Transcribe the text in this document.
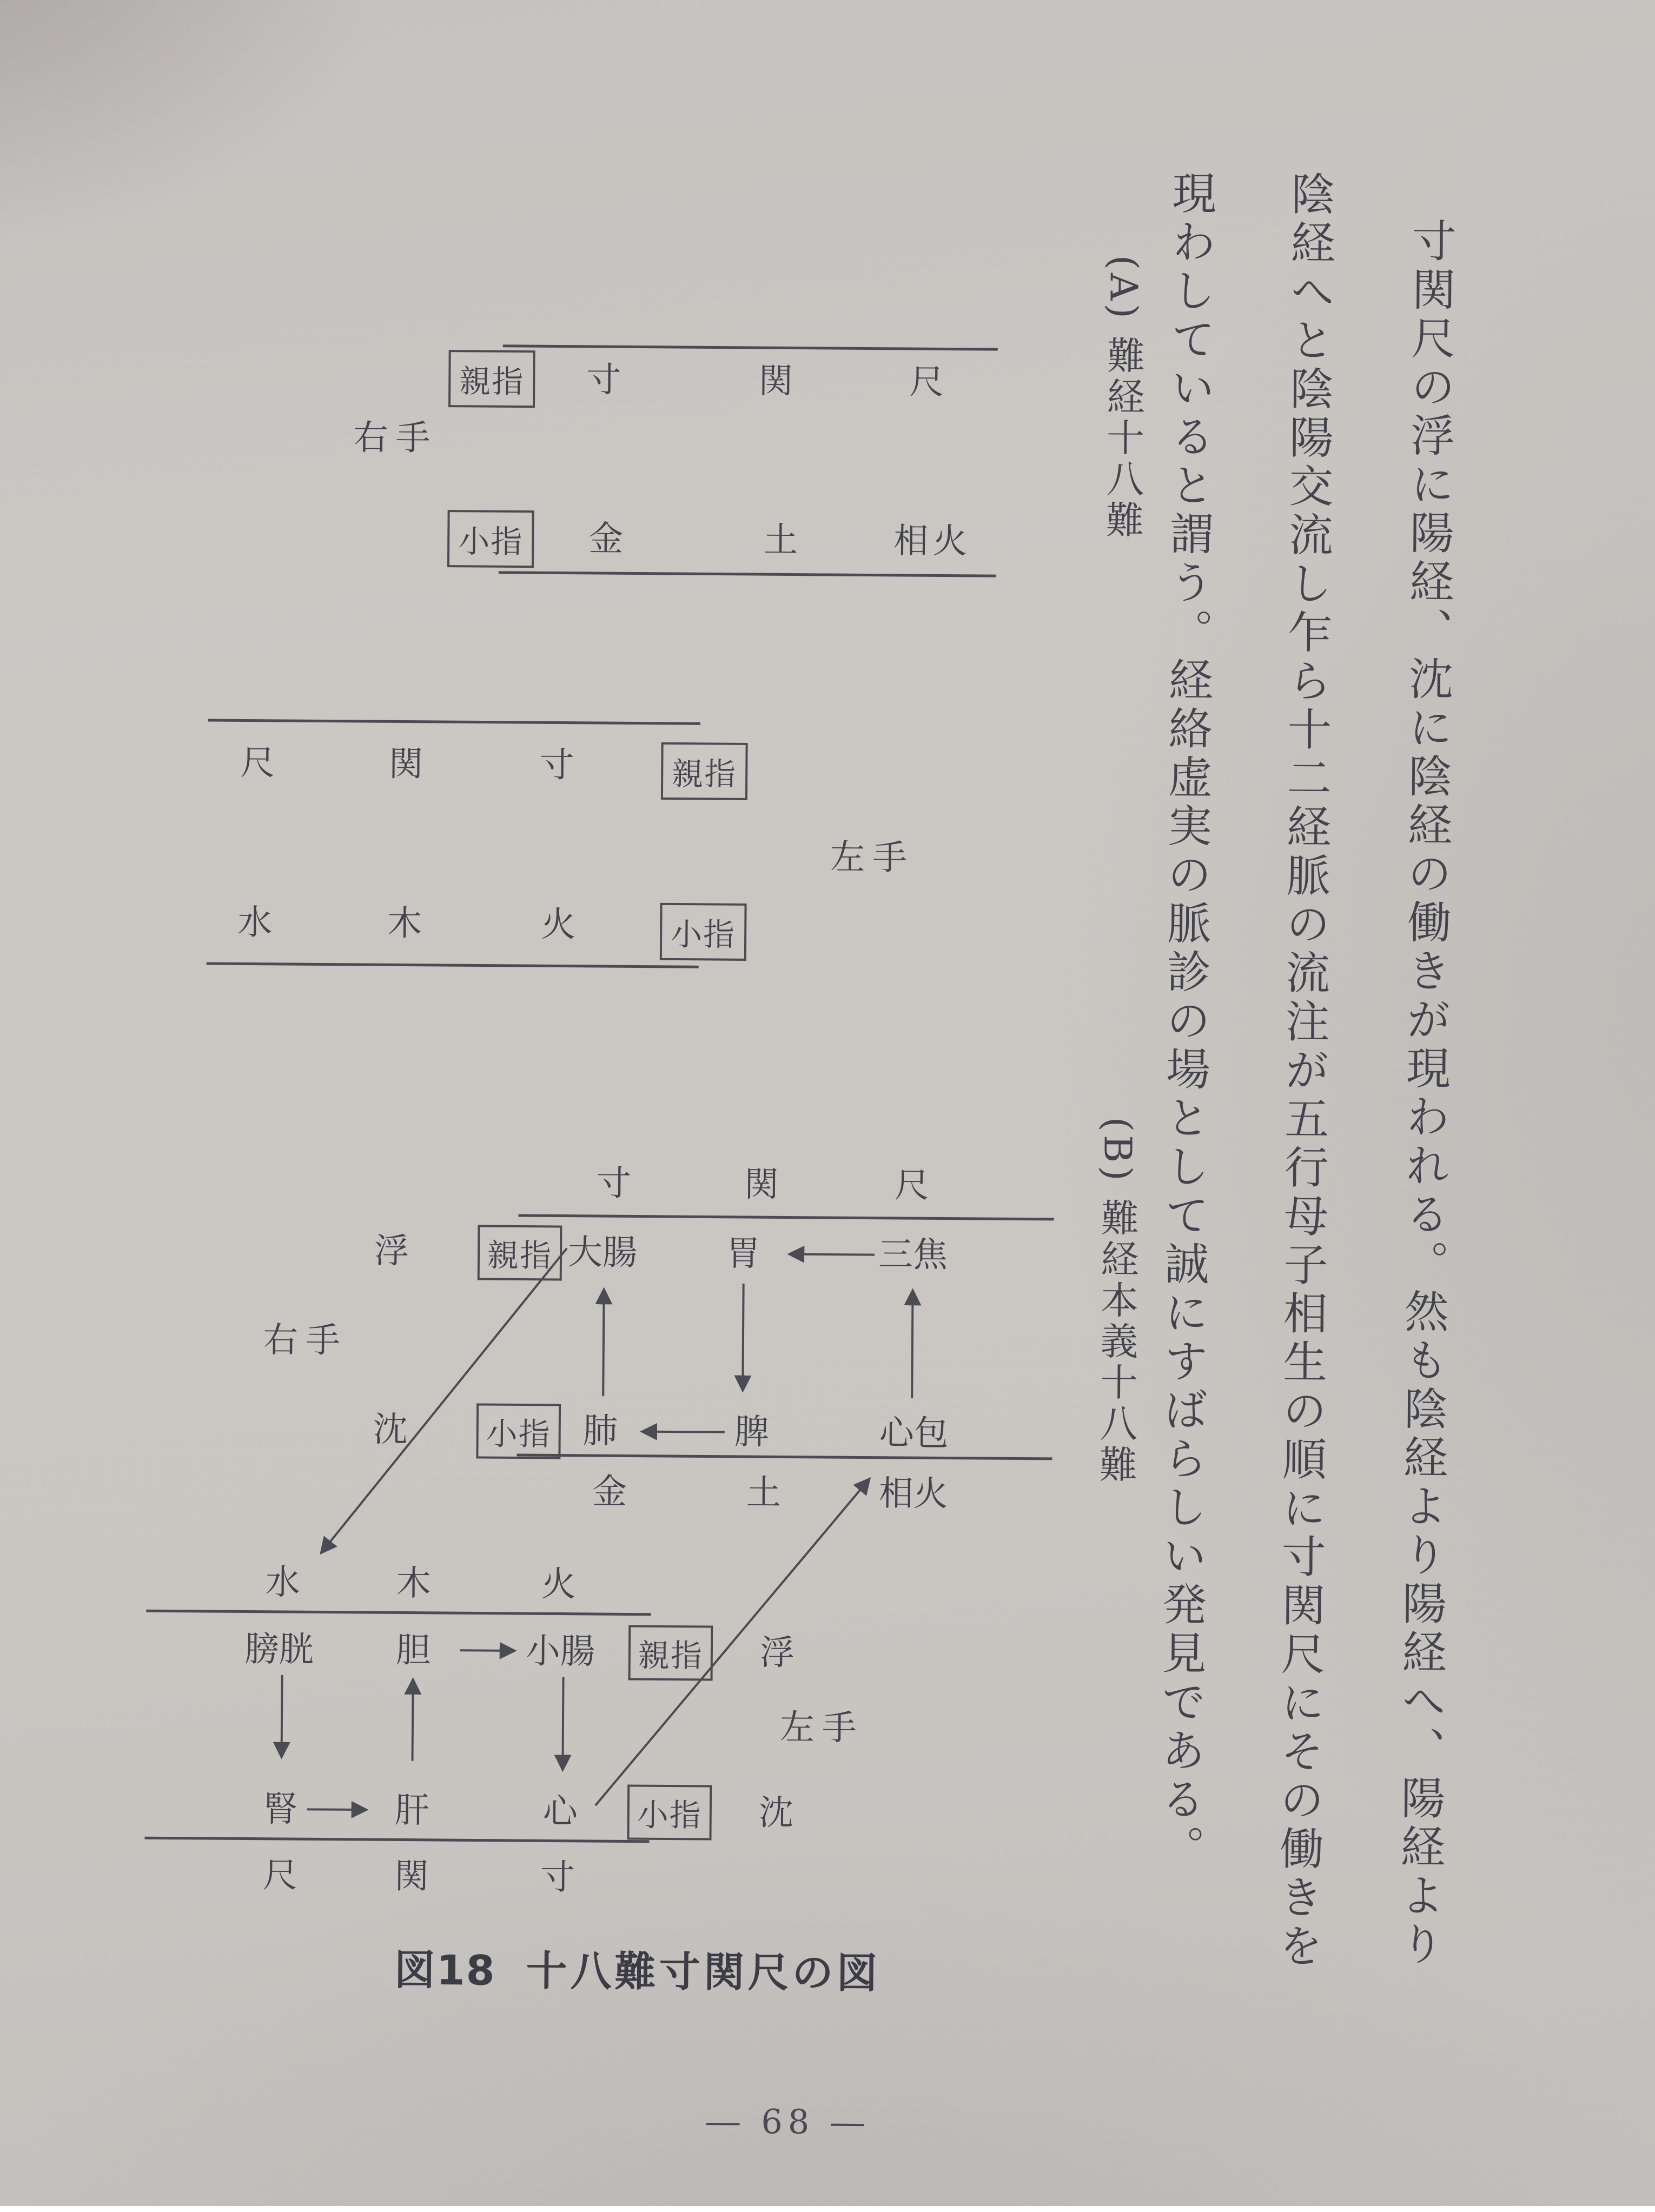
寸関尺の浮に陽経、沈に陰経の働きが現われる。然も陰経より陽経へ、陽経より
陰経へと陰陽交流し乍ら十二経脈の流注が五行母子相生の順に寸関尺にその働きを
現わしていると謂う。経絡虚実の脈診の場として誠にすばらしい発見である。
(A)難経十八難
(B)難経本義十八難
親指 寸	関	尺
右手
小指 金	土	相火
尺	関	寸	親指
左手
水	木	火	小指
寸	関	尺
浮 親指 大腸	胃	三焦
右手
沈 小指 肺	脾	心包
金	土	相火
水	木	火
膀胱 胆	小腸 親指 浮
左手
腎	肝	心 小指 沈
尺	関	寸
図18 十八難寸関尺の図
― 68 ―
